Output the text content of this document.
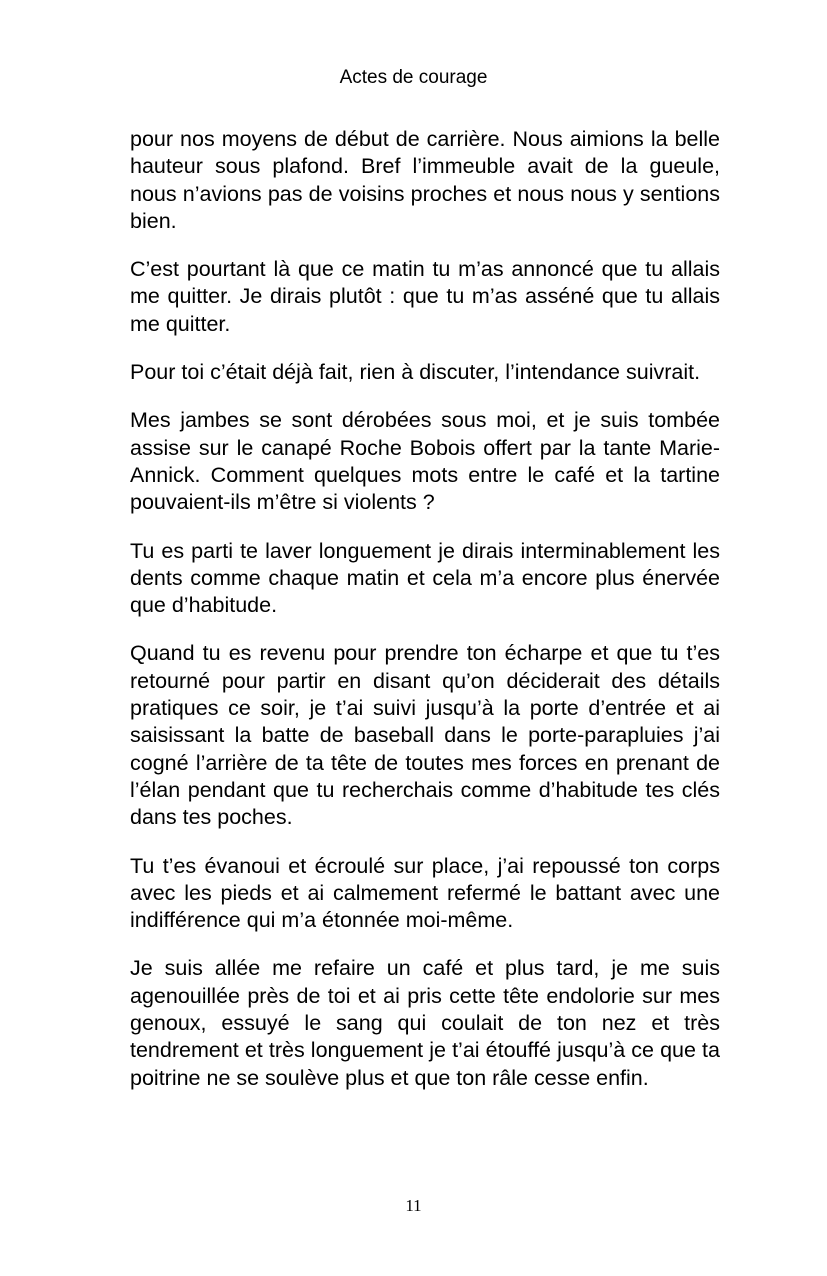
Actes de courage

pour nos moyens de début de carrière. Nous aimions la belle hauteur sous plafond. Bref l’immeuble avait de la gueule, nous n’avions pas de voisins proches et nous nous y sentions bien.

C’est pourtant là que ce matin tu m’as annoncé que tu allais me quitter. Je dirais plutôt : que tu m’as asséné que tu allais me quitter.

Pour toi c’était déjà fait, rien à discuter, l’intendance suivrait.

Mes jambes se sont dérobées sous moi, et je suis tombée assise sur le canapé Roche Bobois offert par la tante Marie-Annick. Comment quelques mots entre le café et la tartine pouvaient-ils m’être si violents ?

Tu es parti te laver longuement je dirais interminablement les dents comme chaque matin et cela m’a encore plus énervée que d’habitude.

Quand tu es revenu pour prendre ton écharpe et que tu t’es retourné pour partir en disant qu’on déciderait des détails pratiques ce soir, je t’ai suivi jusqu’à la porte d’entrée et ai saisissant la batte de baseball dans le porte-parapluies j’ai cogné l’arrière de ta tête de toutes mes forces en prenant de l’élan pendant que tu recherchais comme d’habitude tes clés dans tes poches.

Tu t’es évanoui et écroulé sur place, j’ai repoussé ton corps avec les pieds et ai calmement refermé le battant avec une indifférence qui m’a étonnée moi-même.

Je suis allée me refaire un café et plus tard, je me suis agenouillée près de toi et ai pris cette tête endolorie sur mes genoux, essuyé le sang qui coulait de ton nez et très tendrement et très longuement je t’ai étouffé jusqu’à ce que ta poitrine ne se soulève plus et que ton râle cesse enfin.

11
